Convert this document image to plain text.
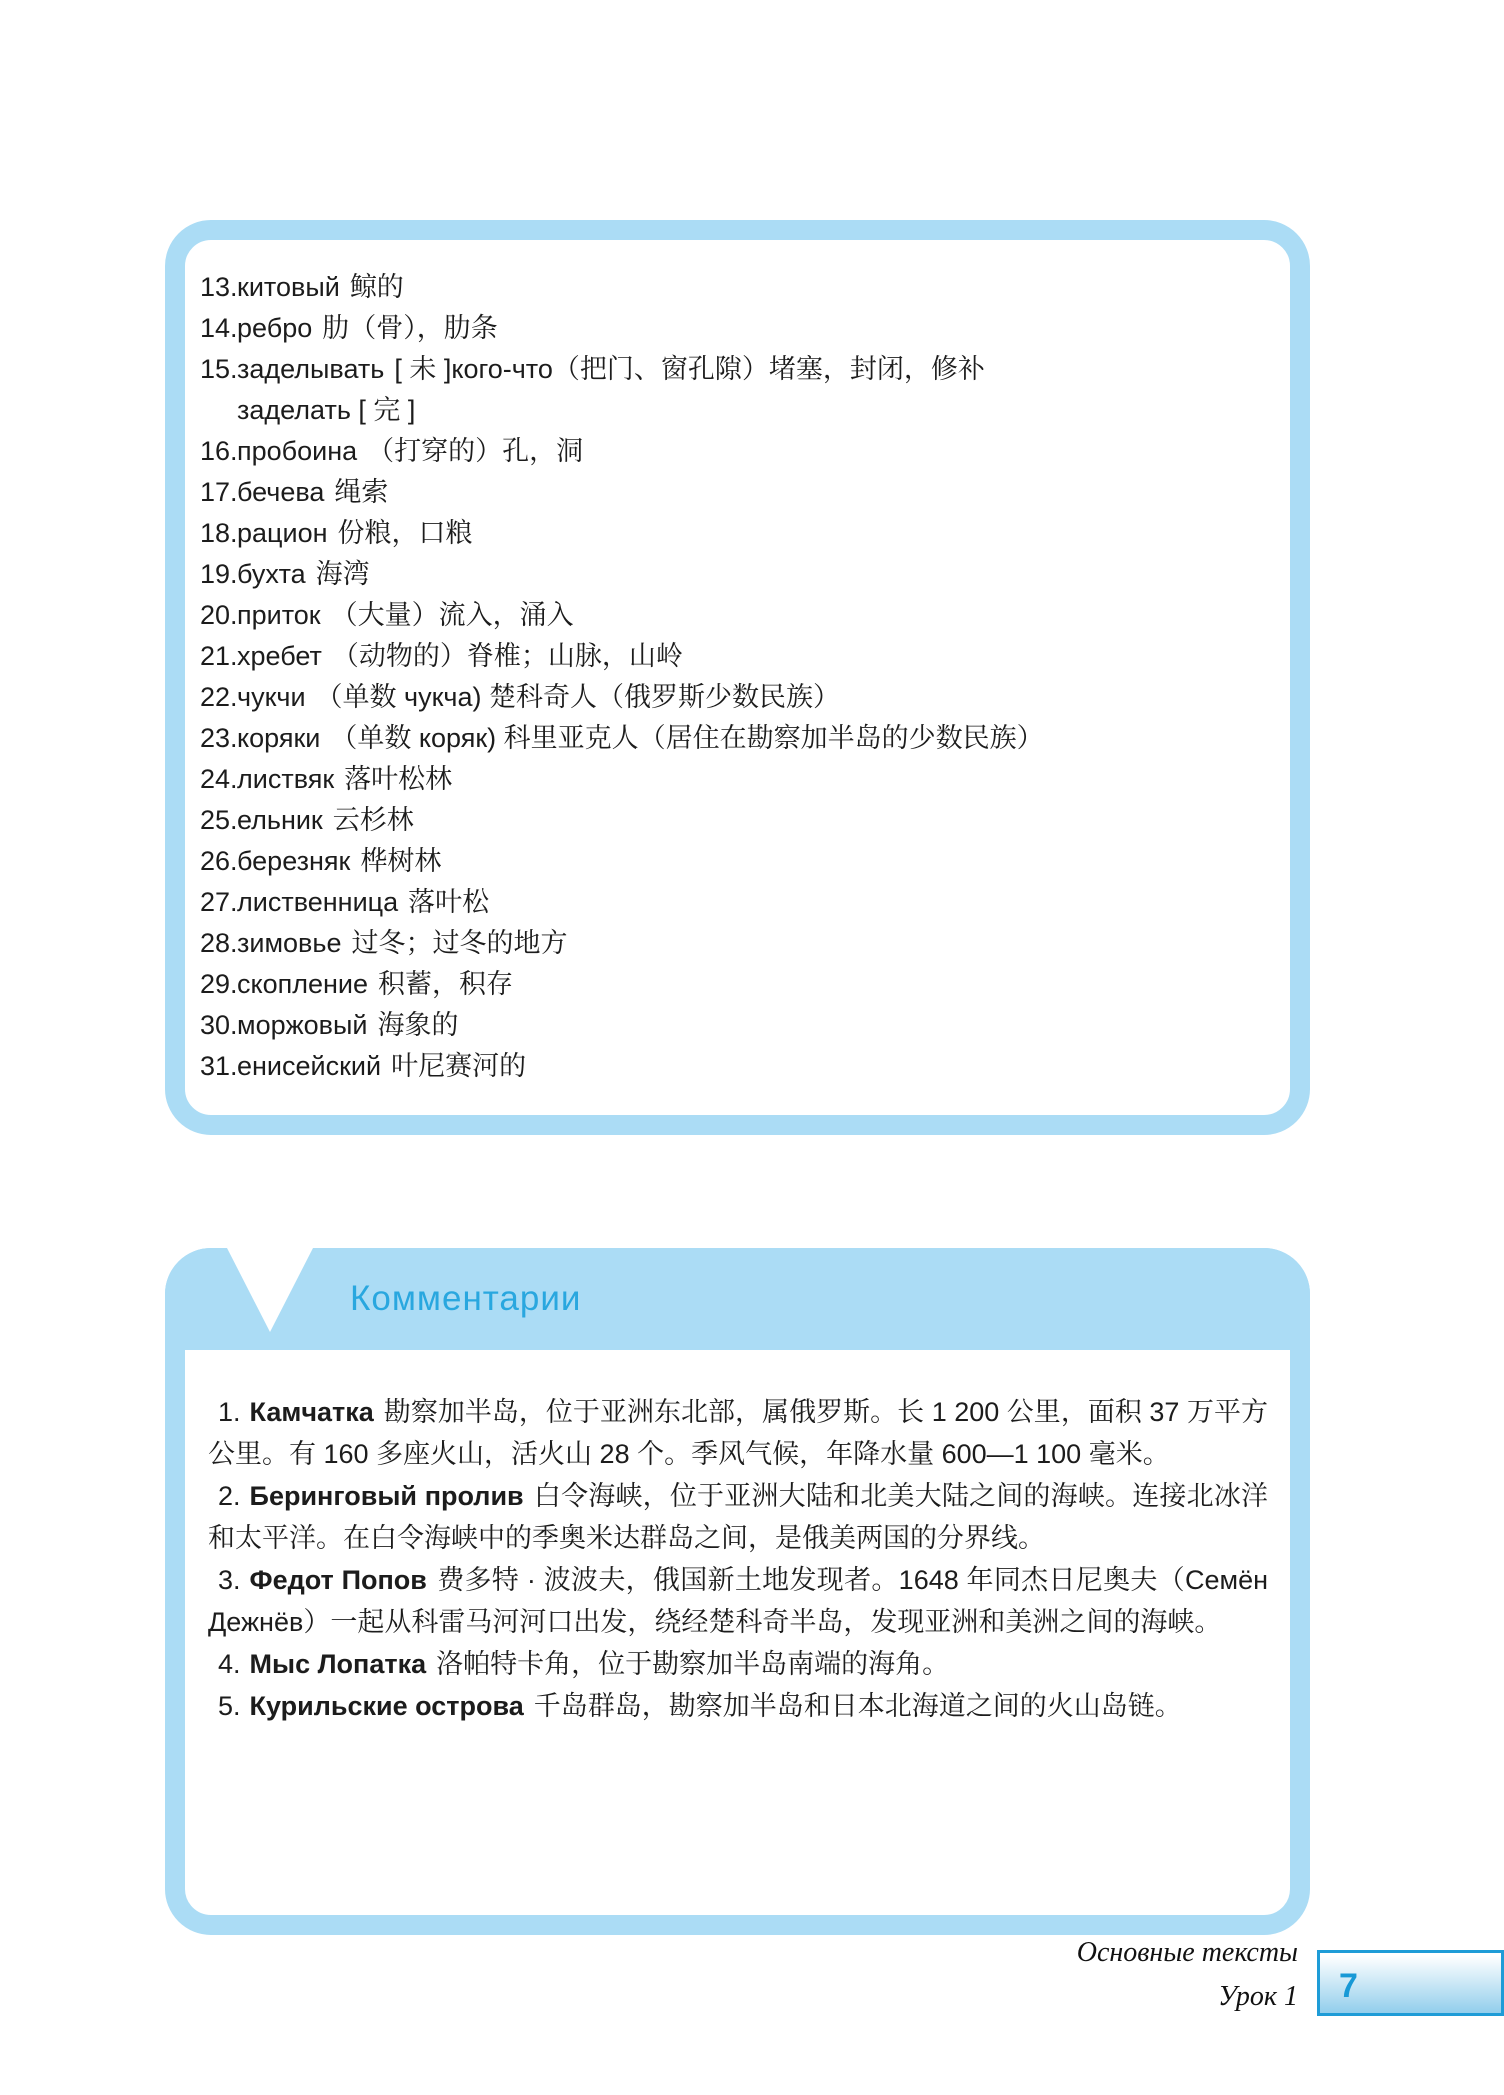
13. китовый 鲸的
14. ребро 肋（骨），肋条
15. заделывать [ 未 ]кого-что（把门、窗孔隙）堵塞，封闭，修补
заделать [ 完 ]
16. пробоина （打穿的）孔，洞
17. бечева 绳索
18. рацион 份粮，口粮
19. бухта 海湾
20. приток （大量）流入，涌入
21. хребет （动物的）脊椎；山脉，山岭
22. чукчи （单数 чукча) 楚科奇人（俄罗斯少数民族）
23. коряки （单数 коряк) 科里亚克人（居住在勘察加半岛的少数民族）
24. листвяк 落叶松林
25. ельник 云杉林
26. березняк 桦树林
27. лиственница 落叶松
28. зимовье 过冬；过冬的地方
29. скопление 积蓄，积存
30. моржовый 海象的
31. енисейский 叶尼赛河的
Комментарии
1. Камчатка 勘察加半岛，位于亚洲东北部，属俄罗斯。长 1 200 公里，面积 37 万平方公里。有 160 多座火山，活火山 28 个。季风气候，年降水量 600—1 100 毫米。
2. Беринговый пролив 白令海峡，位于亚洲大陆和北美大陆之间的海峡。连接北冰洋和太平洋。在白令海峡中的季奥米达群岛之间，是俄美两国的分界线。
3. Федот Попов 费多特 · 波波夫，俄国新土地发现者。1648 年同杰日尼奥夫（Семён Дежнёв）一起从科雷马河河口出发，绕经楚科奇半岛，发现亚洲和美洲之间的海峡。
4. Мыс Лопатка 洛帕特卡角，位于勘察加半岛南端的海角。
5. Курильские острова 千岛群岛，勘察加半岛和日本北海道之间的火山岛链。
Основные тексты
Урок 1 7
